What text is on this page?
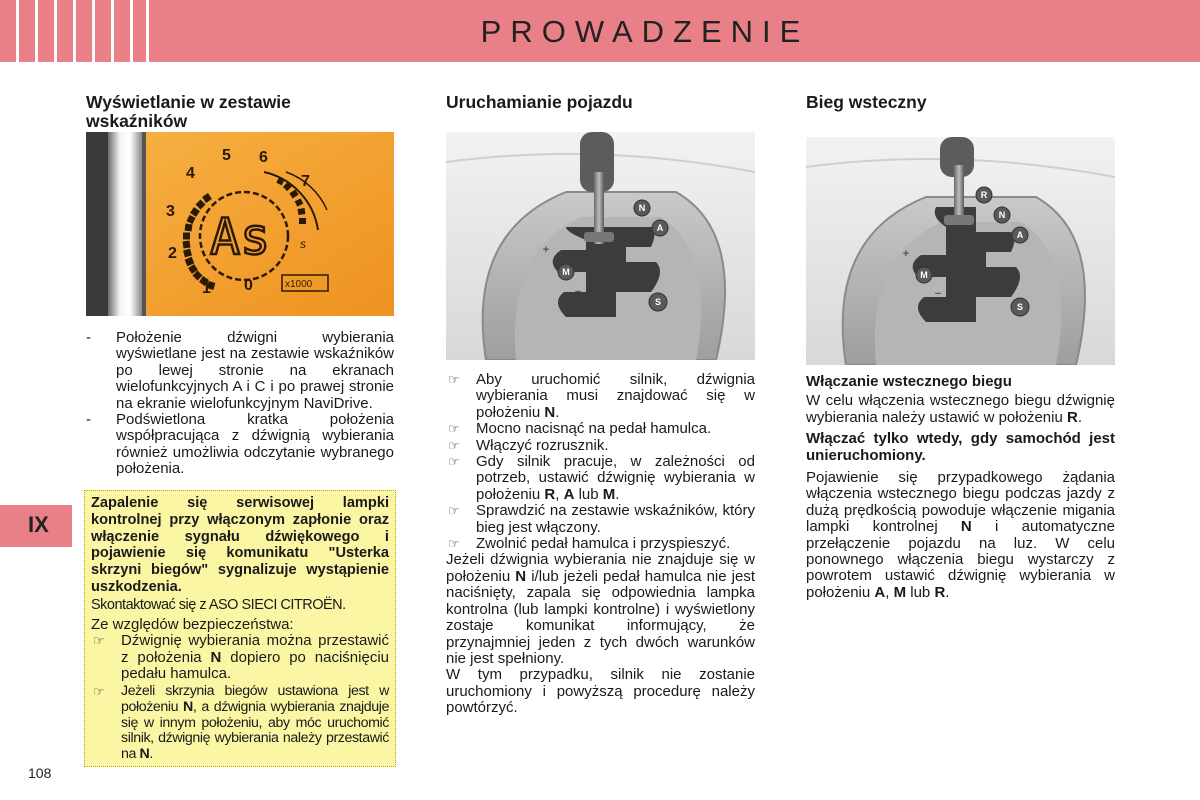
PROWADZENIE
IX
108
Wyświetlanie w zestawie
wskaźników
1
2
3
4
5 6
7
0	x1000
s
As
- Położenie dźwigni wybierania wyświetlane jest na zestawie wskaźników po lewej stronie na ekranach wielofunkcyjnych A i C i po prawej stronie na ekranie wielofunkcyjnym NaviDrive.
- Podświetlona kratka położenia współpracująca z dźwignią wybierania również umożliwia odczytanie wybranego położenia.

Zapalenie się serwisowej lampki kontrolnej przy włączonym zapłonie oraz włączenie sygnału dźwiękowego i pojawienie się komunikatu "Usterka skrzyni biegów" sygnalizuje wystąpienie uszkodzenia.

Skontaktować się z ASO SIECI CITROËN.

Ze względów bezpieczeństwa:

☞ Dźwignię wybierania można przestawić z położenia N dopiero po naciśnięciu pedału hamulca.
☞ Jeżeli skrzynia biegów ustawiona jest w położeniu N, a dźwignia wybierania znajduje się w innym położeniu, aby móc uruchomić silnik, dźwignię wybierania należy przestawić na N.
Uruchamianie pojazdu
N
A
M
S
+
−
☞ Aby uruchomić silnik, dźwignia wybierania musi znajdować się w położeniu N.
☞ Mocno nacisnąć na pedał hamulca.
☞ Włączyć rozrusznik.
☞ Gdy silnik pracuje, w zależności od potrzeb, ustawić dźwignię wybierania w położeniu R, A lub M.
☞ Sprawdzić na zestawie wskaźników, który bieg jest włączony.
☞ Zwolnić pedał hamulca i przyspieszyć.

Jeżeli dźwignia wybierania nie znajduje się w położeniu N i/lub jeżeli pedał hamulca nie jest naciśnięty, zapala się odpowiednia lampka kontrolna (lub lampki kontrolne) i wyświetlony zostaje komunikat informujący, że przynajmniej jeden z tych dwóch warunków nie jest spełniony.

W tym przypadku, silnik nie zostanie uruchomiony i powyższą procedurę należy powtórzyć.

Bieg wsteczny
R
N
A
M
S
+
−

Włączanie wstecznego biegu

W celu włączenia wstecznego biegu dźwignię wybierania należy ustawić w położeniu R.

Włączać tylko wtedy, gdy samochód jest unieruchomiony.

Pojawienie się przypadkowego żądania włączenia wstecznego biegu podczas jazdy z dużą prędkością powoduje włączenie migania lampki kontrolnej N i automatyczne przełączenie pojazdu na luz. W celu ponownego włączenia biegu wystarczy z powrotem ustawić dźwignię wybierania w położeniu A, M lub R.
